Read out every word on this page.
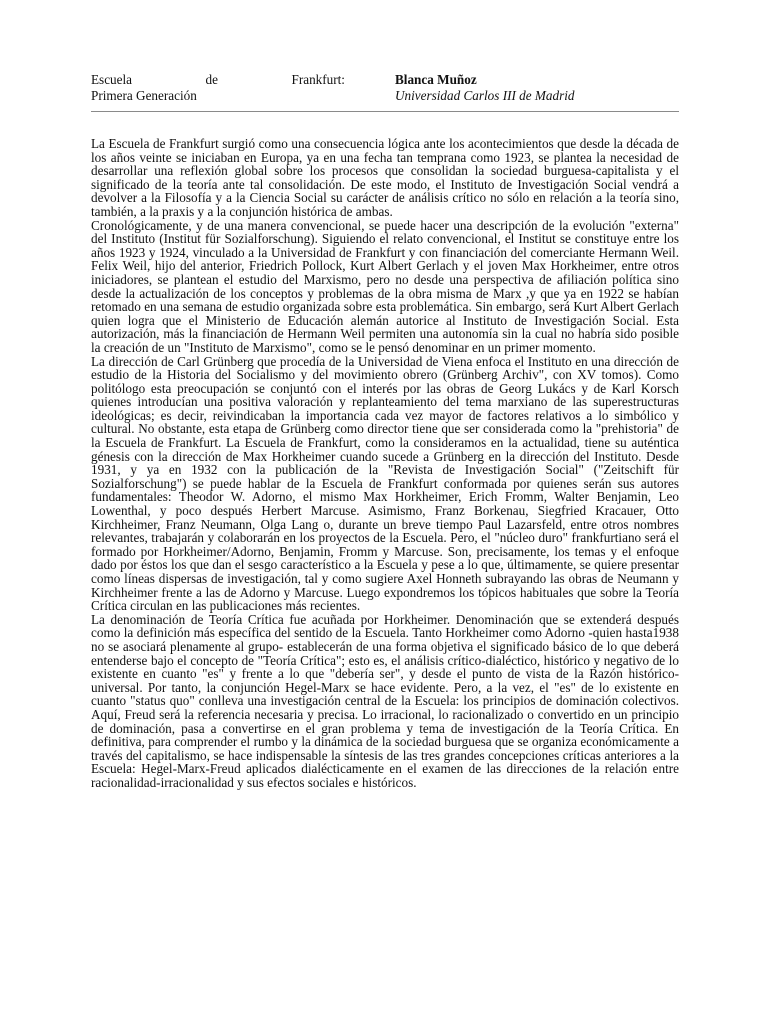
Escuela	de	Frankfurt:	Blanca Muñoz
Primera Generación	Universidad Carlos III de Madrid

La Escuela de Frankfurt surgió como una consecuencia lógica ante los acontecimientos que desde la década de los años veinte se iniciaban en Europa, ya en una fecha tan temprana como 1923, se plantea la necesidad de desarrollar una reflexión global sobre los procesos que consolidan la sociedad burguesa-capitalista y el significado de la teoría ante tal consolidación. De este modo, el Instituto de Investigación Social vendrá a devolver a la Filosofía y a la Ciencia Social su carácter de análisis crítico no sólo en relación a la teoría sino, también, a la praxis y a la conjunción histórica de ambas.

Cronológicamente, y de una manera convencional, se puede hacer una descripción de la evolución "externa" del Instituto (Institut für Sozialforschung). Siguiendo el relato convencional, el Institut se constituye entre los años 1923 y 1924, vinculado a la Universidad de Frankfurt y con financiación del comerciante Hermann Weil. Felix Weil, hijo del anterior, Friedrich Pollock, Kurt Albert Gerlach y el joven Max Horkheimer, entre otros iniciadores, se plantean el estudio del Marxismo, pero no desde una perspectiva de afiliación política sino desde la actualización de los conceptos y problemas de la obra misma de Marx ,y que ya en 1922 se habían retomado en una semana de estudio organizada sobre esta problemática. Sin embargo, será Kurt Albert Gerlach quien logra que el Ministerio de Educación alemán autorice al Instituto de Investigación Social. Esta autorización, más la financiación de Hermann Weil permiten una autonomía sin la cual no habría sido posible la creación de un "Instituto de Marxismo", como se le pensó denominar en un primer momento.

La dirección de Carl Grünberg que procedía de la Universidad de Viena enfoca el Instituto en una dirección de estudio de la Historia del Socialismo y del movimiento obrero (Grünberg Archiv", con XV tomos). Como politólogo esta preocupación se conjuntó con el interés por las obras de Georg Lukács y de Karl Korsch quienes introducían una positiva valoración y replanteamiento del tema marxiano de las superestructuras ideológicas; es decir, reivindicaban la importancia cada vez mayor de factores relativos a lo simbólico y cultural. No obstante, esta etapa de Grünberg como director tiene que ser considerada como la "prehistoria" de la Escuela de Frankfurt. La Escuela de Frankfurt, como la consideramos en la actualidad, tiene su auténtica génesis con la dirección de Max Horkheimer cuando sucede a Grünberg en la dirección del Instituto. Desde 1931, y ya en 1932 con la publicación de la "Revista de Investigación Social" ("Zeitschift für Sozialforschung") se puede hablar de la Escuela de Frankfurt conformada por quienes serán sus autores fundamentales: Theodor W. Adorno, el mismo Max Horkheimer, Erich Fromm, Walter Benjamin, Leo Lowenthal, y poco después Herbert Marcuse. Asimismo, Franz Borkenau, Siegfried Kracauer, Otto Kirchheimer, Franz Neumann, Olga Lang o, durante un breve tiempo Paul Lazarsfeld, entre otros nombres relevantes, trabajarán y colaborarán en los proyectos de la Escuela. Pero, el "núcleo duro" frankfurtiano será el formado por Horkheimer/Adorno, Benjamin, Fromm y Marcuse. Son, precisamente, los temas y el enfoque dado por éstos los que dan el sesgo característico a la Escuela y pese a lo que, últimamente, se quiere presentar como líneas dispersas de investigación, tal y como sugiere Axel Honneth subrayando las obras de Neumann y Kirchheimer frente a las de Adorno y Marcuse. Luego expondremos los tópicos habituales que sobre la Teoría Crítica circulan en las publicaciones más recientes.

La denominación de Teoría Crítica fue acuñada por Horkheimer. Denominación que se extenderá después como la definición más específica del sentido de la Escuela. Tanto Horkheimer como Adorno -quien hasta1938 no se asociará plenamente al grupo- establecerán de una forma objetiva el significado básico de lo que deberá entenderse bajo el concepto de "Teoría Crítica"; esto es, el análisis crítico-dialéctico, histórico y negativo de lo existente en cuanto "es" y frente a lo que "debería ser", y desde el punto de vista de la Razón histórico-universal. Por tanto, la conjunción Hegel-Marx se hace evidente. Pero, a la vez, el "es" de lo existente en cuanto "status quo" conlleva una investigación central de la Escuela: los principios de dominación colectivos. Aquí, Freud será la referencia necesaria y precisa. Lo irracional, lo racionalizado o convertido en un principio de dominación, pasa a convertirse en el gran problema y tema de investigación de la Teoría Crítica. En definitiva, para comprender el rumbo y la dinámica de la sociedad burguesa que se organiza económicamente a través del capitalismo, se hace indispensable la síntesis de las tres grandes concepciones críticas anteriores a la Escuela: Hegel-Marx-Freud aplicados dialécticamente en el examen de las direcciones de la relación entre racionalidad-irracionalidad y sus efectos sociales e históricos.
